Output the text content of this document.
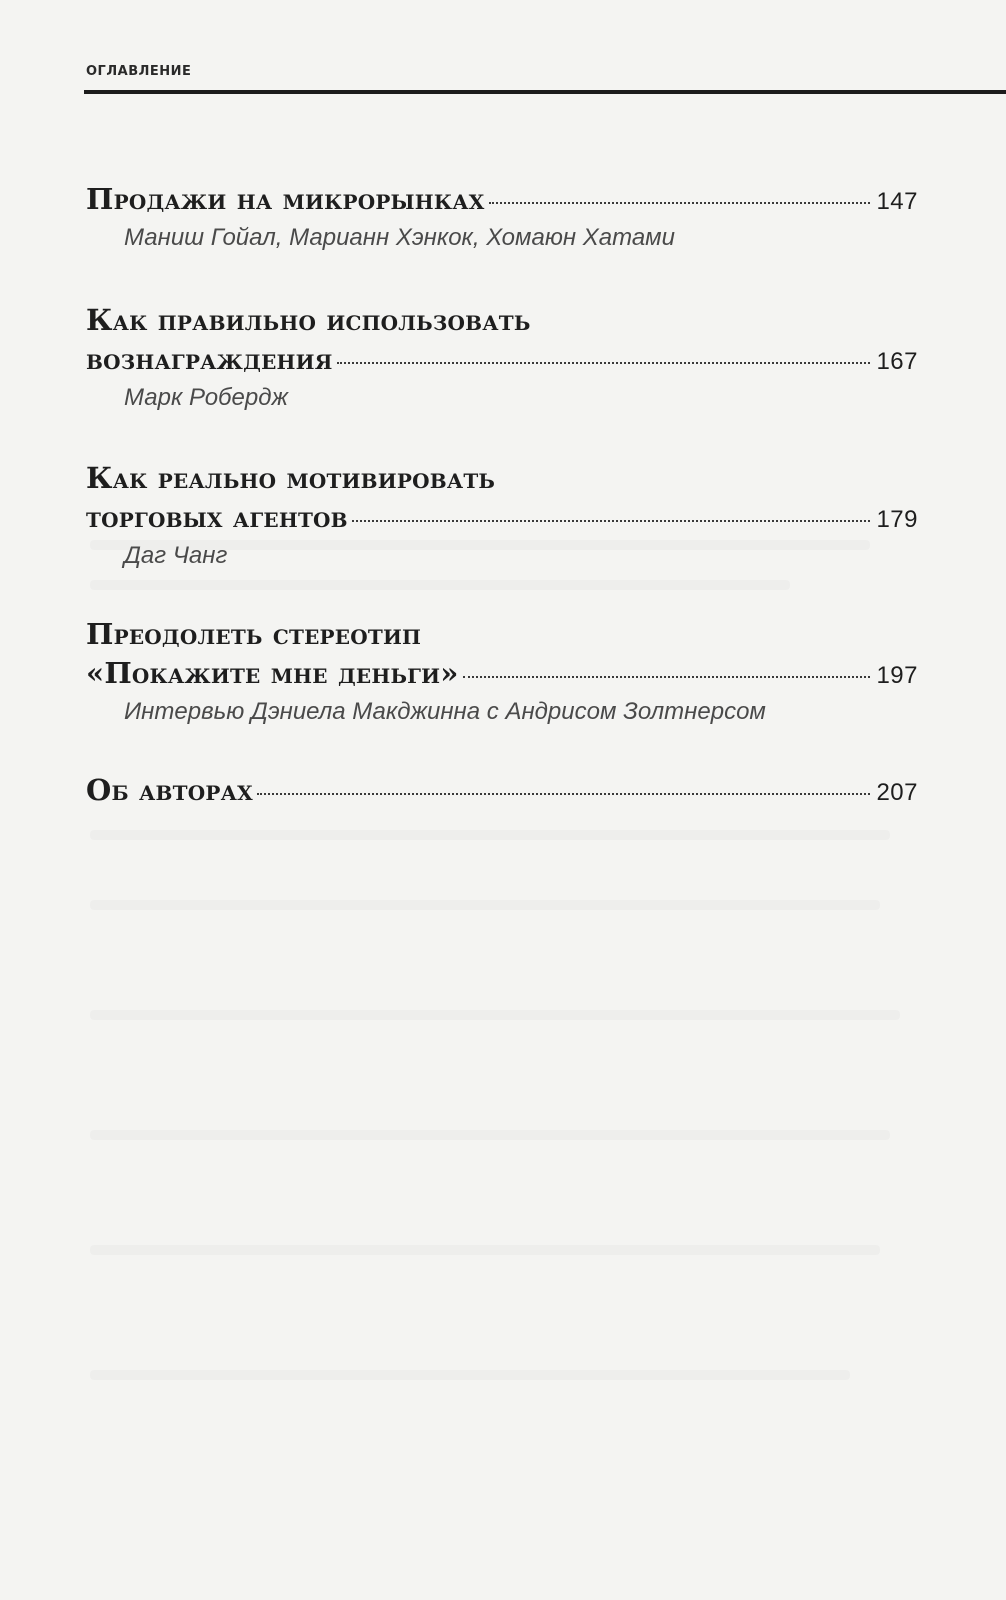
ОГЛАВЛЕНИЕ
Продажи на микрорынках	147
Маниш Гойал, Марианн Хэнкок, Хомаюн Хатами
Как правильно использовать
вознаграждения	167
Марк Робердж
Как реально мотивировать
торговых агентов	179
Даг Чанг
Преодолеть стереотип
«Покажите мне деньги»	197
Интервью Дэниела Макджинна с Андрисом Золтнерсом
Об авторах	207
